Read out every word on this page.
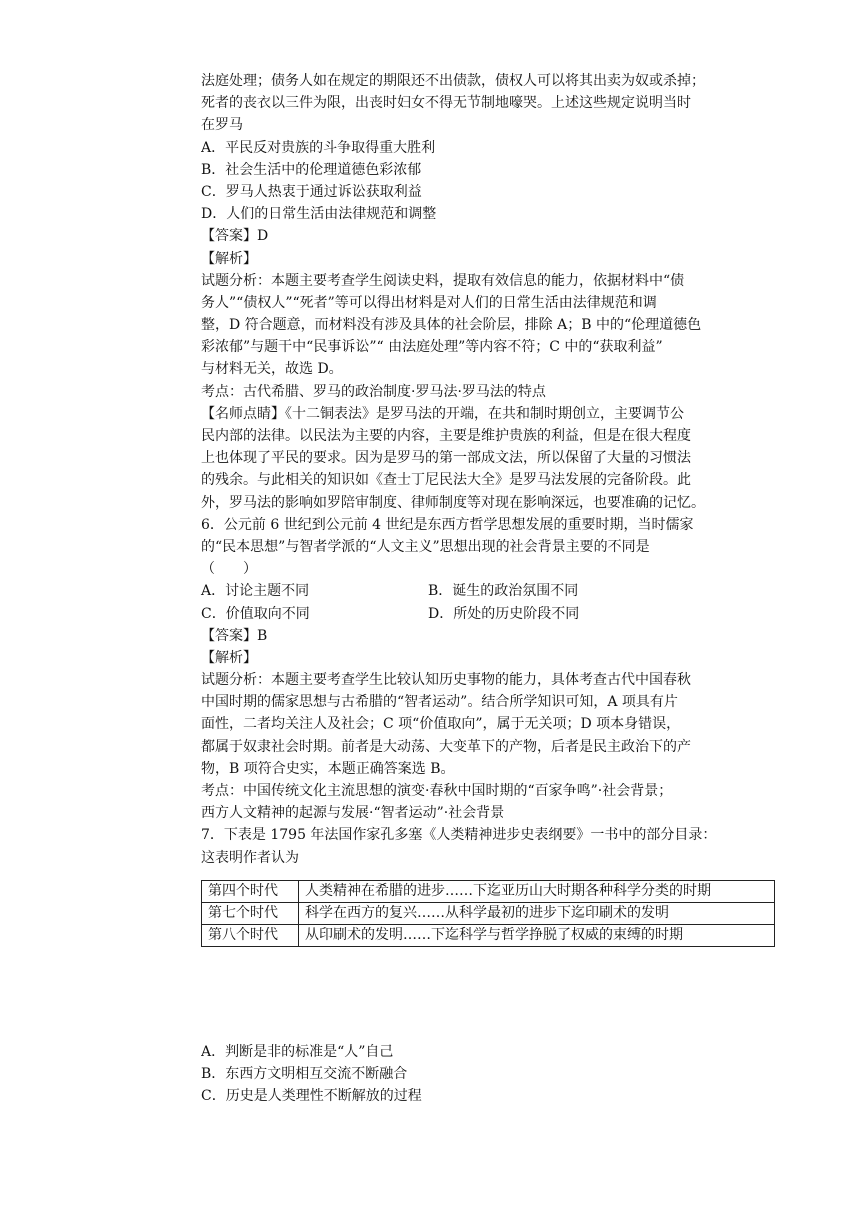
法庭处理；债务人如在规定的期限还不出债款，债权人可以将其出卖为奴或杀掉；
死者的丧衣以三件为限，出丧时妇女不得无节制地嚎哭。上述这些规定说明当时
在罗马
A．平民反对贵族的斗争取得重大胜利
B．社会生活中的伦理道德色彩浓郁
C．罗马人热衷于通过诉讼获取利益
D．人们的日常生活由法律规范和调整
【答案】D
【解析】
试题分析：本题主要考查学生阅读史料，提取有效信息的能力，依据材料中“债
务人”“债权人”“死者”等可以得出材料是对人们的日常生活由法律规范和调
整，D 符合题意，而材料没有涉及具体的社会阶层，排除 A；B 中的“伦理道德色
彩浓郁”与题干中“民事诉讼”“ 由法庭处理”等内容不符；C 中的“获取利益”
与材料无关，故选 D。
考点：古代希腊、罗马的政治制度·罗马法·罗马法的特点
【名师点睛】《十二铜表法》是罗马法的开端，在共和制时期创立，主要调节公
民内部的法律。以民法为主要的内容，主要是维护贵族的利益，但是在很大程度
上也体现了平民的要求。因为是罗马的第一部成文法，所以保留了大量的习惯法
的残余。与此相关的知识如《查士丁尼民法大全》是罗马法发展的完备阶段。此
外，罗马法的影响如罗陪审制度、律师制度等对现在影响深远，也要准确的记忆。
6．公元前 6 世纪到公元前 4 世纪是东西方哲学思想发展的重要时期，当时儒家
的“民本思想”与智者学派的“人文主义”思想出现的社会背景主要的不同是
（　　）
A．讨论主题不同	B．诞生的政治氛围不同
C．价值取向不同	D．所处的历史阶段不同
【答案】B
【解析】
试题分析：本题主要考查学生比较认知历史事物的能力，具体考查古代中国春秋
中国时期的儒家思想与古希腊的“智者运动”。结合所学知识可知，A 项具有片
面性，二者均关注人及社会；C 项“价值取向”，属于无关项；D 项本身错误，
都属于奴隶社会时期。前者是大动荡、大变革下的产物，后者是民主政治下的产
物，B 项符合史实，本题正确答案选 B。
考点：中国传统文化主流思想的演变·春秋中国时期的“百家争鸣”·社会背景；
西方人文精神的起源与发展·“智者运动”·社会背景
7．下表是 1795 年法国作家孔多塞《人类精神进步史表纲要》一书中的部分目录：
这表明作者认为
第四个时代	人类精神在希腊的进步……下迄亚历山大时期各种科学分类的时期
第七个时代	科学在西方的复兴……从科学最初的进步下迄印刷术的发明
第八个时代	从印刷术的发明……下迄科学与哲学挣脱了权威的束缚的时期
A．判断是非的标准是“人”自己
B．东西方文明相互交流不断融合
C．历史是人类理性不断解放的过程
